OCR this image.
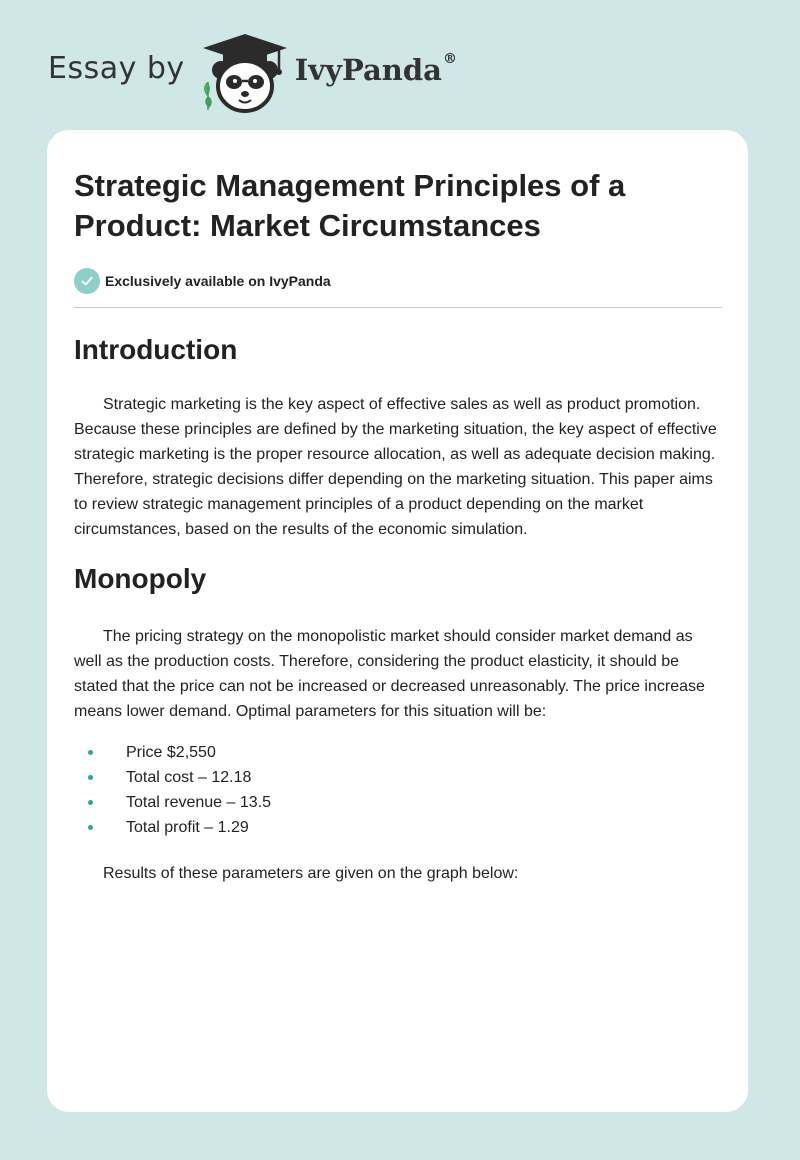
Essay by	IvyPanda®
Strategic Management Principles of a Product: Market Circumstances
Exclusively available on IvyPanda
Introduction

Strategic marketing is the key aspect of effective sales as well as product promotion. Because these principles are defined by the marketing situation, the key aspect of effective strategic marketing is the proper resource allocation, as well as adequate decision making. Therefore, strategic decisions differ depending on the marketing situation. This paper aims to review strategic management principles of a product depending on the market circumstances, based on the results of the economic simulation.

Monopoly

The pricing strategy on the monopolistic market should consider market demand as well as the production costs. Therefore, considering the product elasticity, it should be stated that the price can not be increased or decreased unreasonably. The price increase means lower demand. Optimal parameters for this situation will be:

Price $2,550
Total cost – 12.18
Total revenue – 13.5
Total profit – 1.29

Results of these parameters are given on the graph below:
